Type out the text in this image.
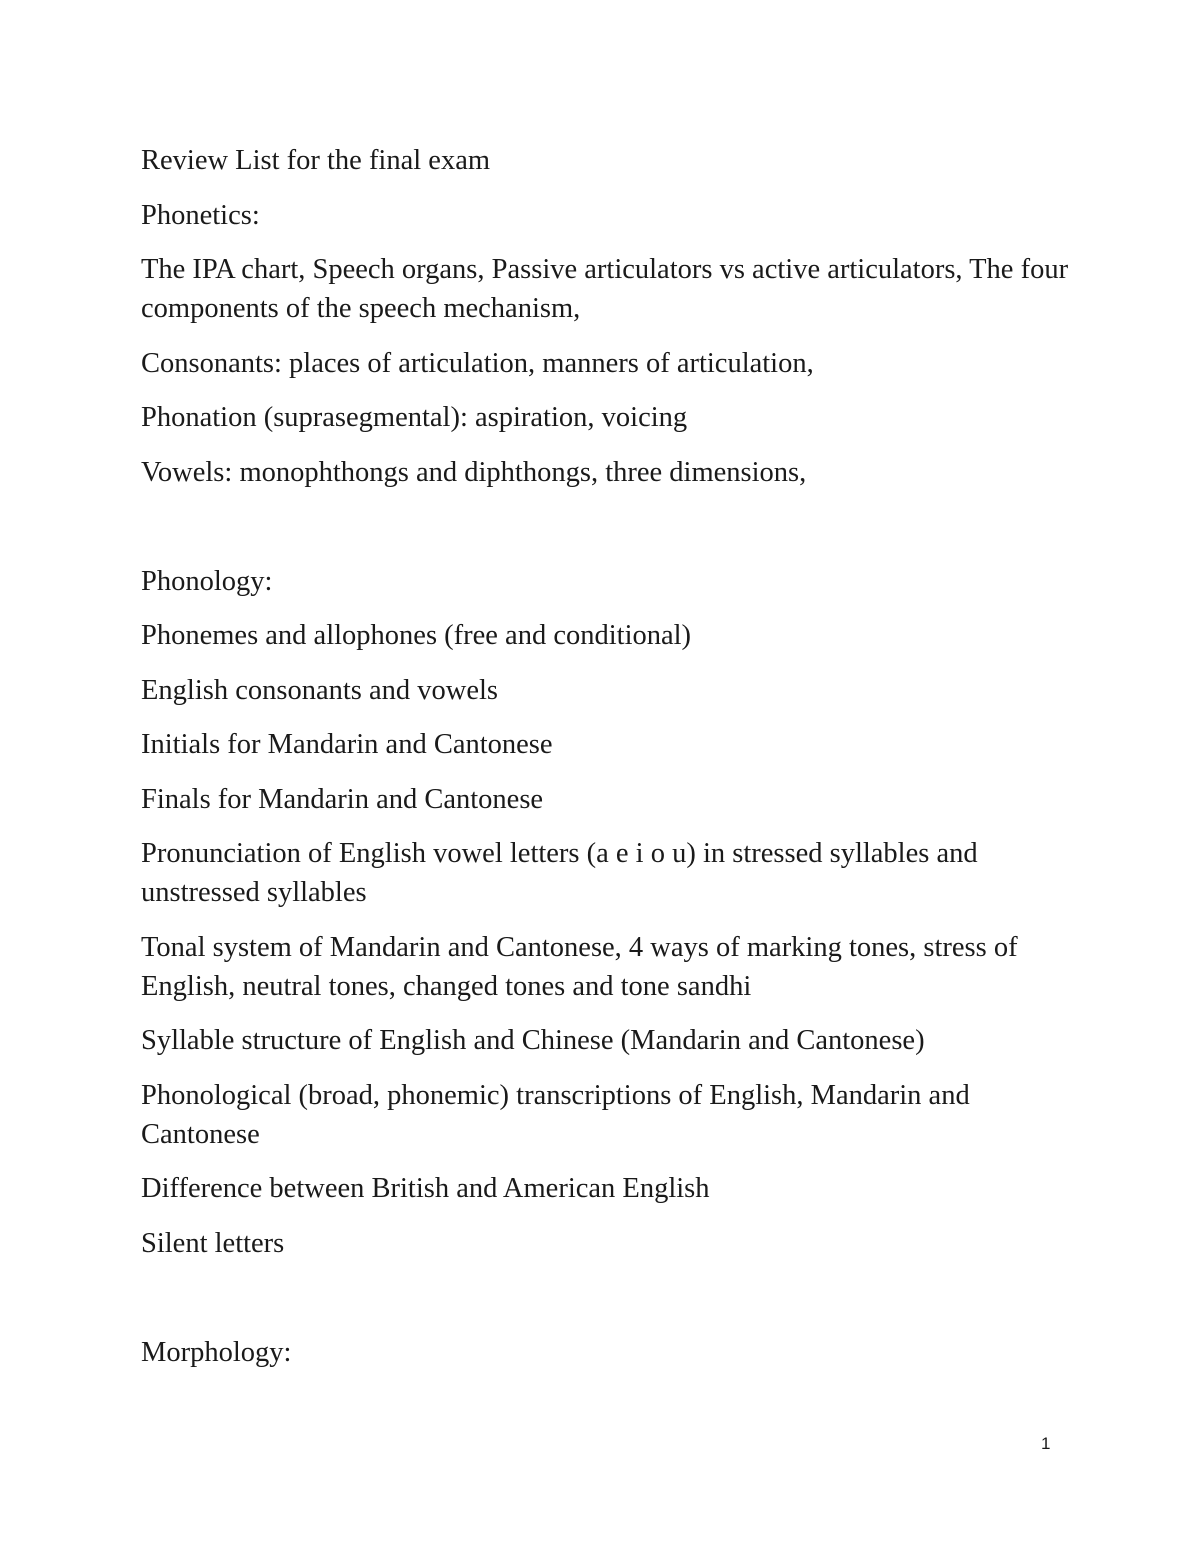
Review List for the final exam

Phonetics:

The IPA chart, Speech organs, Passive articulators vs active articulators, The four components of the speech mechanism,

Consonants: places of articulation, manners of articulation,

Phonation (suprasegmental): aspiration, voicing

Vowels: monophthongs and diphthongs, three dimensions,

Phonology:

Phonemes and allophones (free and conditional)

English consonants and vowels

Initials for Mandarin and Cantonese

Finals for Mandarin and Cantonese

Pronunciation of English vowel letters (a e i o u) in stressed syllables and unstressed syllables

Tonal system of Mandarin and Cantonese, 4 ways of marking tones, stress of English, neutral tones, changed tones and tone sandhi

Syllable structure of English and Chinese (Mandarin and Cantonese)

Phonological (broad, phonemic) transcriptions of English, Mandarin and Cantonese

Difference between British and American English

Silent letters

Morphology:

1
